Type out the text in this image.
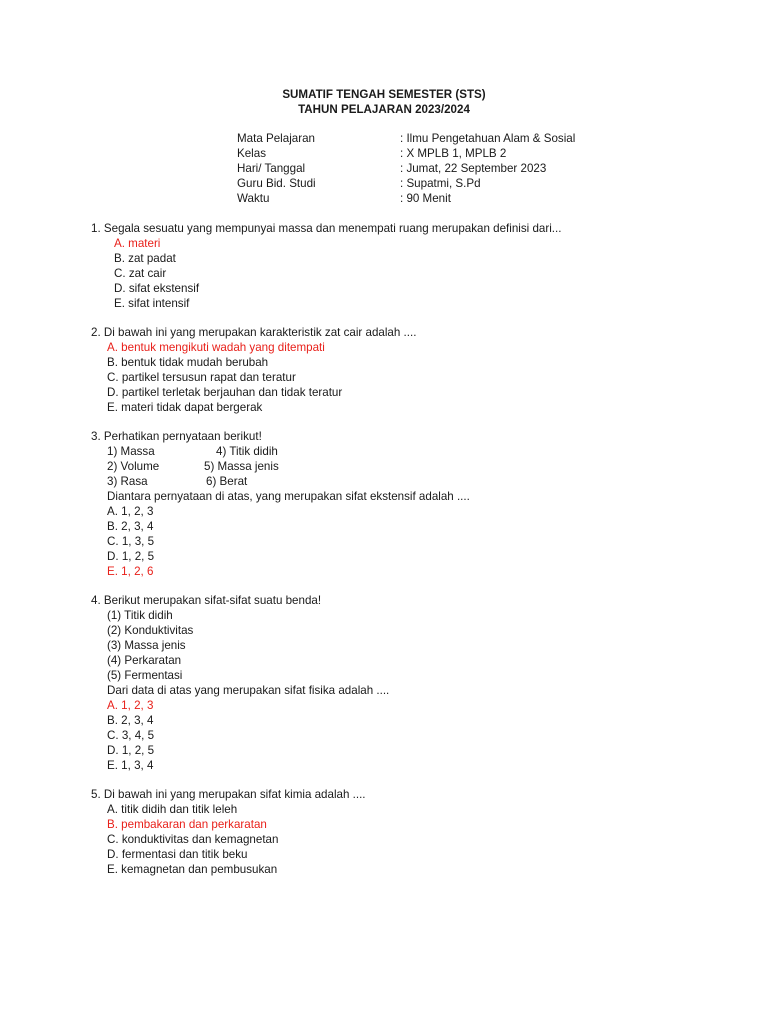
SUMATIF TENGAH SEMESTER (STS)
TAHUN PELAJARAN 2023/2024
Mata Pelajaran	: Ilmu Pengetahuan Alam & Sosial
Kelas	: X MPLB 1, MPLB 2
Hari/ Tanggal	: Jumat, 22 September 2023
Guru Bid. Studi	: Supatmi, S.Pd
Waktu	: 90 Menit
1. Segala sesuatu yang mempunyai massa dan menempati ruang merupakan definisi dari...
A. materi
B. zat padat
C. zat cair
D. sifat ekstensif
E. sifat intensif
2. Di bawah ini yang merupakan karakteristik zat cair adalah ....
A. bentuk mengikuti wadah yang ditempati
B. bentuk tidak mudah berubah
C. partikel tersusun rapat dan teratur
D. partikel terletak berjauhan dan tidak teratur
E. materi tidak dapat bergerak
3. Perhatikan pernyataan berikut!
1) Massa	4) Titik didih
2) Volume	5) Massa jenis
3) Rasa	6) Berat
Diantara pernyataan di atas, yang merupakan sifat ekstensif adalah ....
A. 1, 2, 3
B. 2, 3, 4
C. 1, 3, 5
D. 1, 2, 5
E. 1, 2, 6
4. Berikut merupakan sifat-sifat suatu benda!
(1) Titik didih
(2) Konduktivitas
(3) Massa jenis
(4) Perkaratan
(5) Fermentasi
Dari data di atas yang merupakan sifat fisika adalah ....
A. 1, 2, 3
B. 2, 3, 4
C. 3, 4, 5
D. 1, 2, 5
E. 1, 3, 4
5. Di bawah ini yang merupakan sifat kimia adalah ....
A. titik didih dan titik leleh
B. pembakaran dan perkaratan
C. konduktivitas dan kemagnetan
D. fermentasi dan titik beku
E. kemagnetan dan pembusukan
